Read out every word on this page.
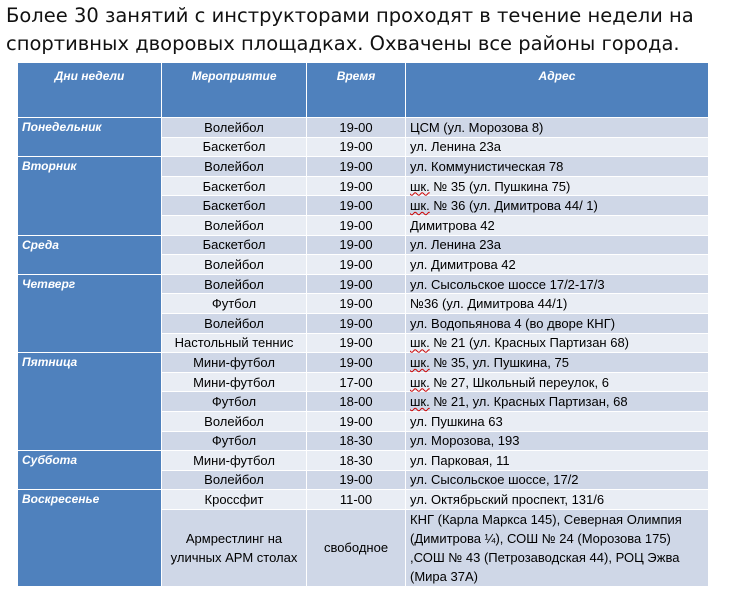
Более 30 занятий с инструкторами проходят в течение недели на спортивных дворовых площадках. Охвачены все районы города.
Дни недели	Мероприятие	Время	Адрес
Понедельник	Волейбол	19-00	ЦСМ (ул. Морозова 8)
	Баскетбол	19-00	ул. Ленина 23а
Вторник	Волейбол	19-00	ул. Коммунистическая 78
	Баскетбол	19-00	шк. № 35 (ул. Пушкина 75)
	Баскетбол	19-00	шк. № 36 (ул. Димитрова 44/ 1)
	Волейбол	19-00	Димитрова 42
Среда	Баскетбол	19-00	ул. Ленина 23а
	Волейбол	19-00	ул. Димитрова 42
Четверг	Волейбол	19-00	ул. Сысольское шоссе 17/2-17/3
	Футбол	19-00	№36 (ул. Димитрова 44/1)
	Волейбол	19-00	ул. Водопьянова 4 (во дворе КНГ)
	Настольный теннис	19-00	шк. № 21 (ул. Красных Партизан 68)
Пятница	Мини-футбол	19-00	шк. № 35, ул. Пушкина, 75
	Мини-футбол	17-00	шк. № 27, Школьный переулок, 6
	Футбол	18-00	шк. № 21, ул. Красных Партизан, 68
	Волейбол	19-00	ул. Пушкина 63
	Футбол	18-30	ул. Морозова, 193
Суббота	Мини-футбол	18-30	ул. Парковая, 11
	Волейбол	19-00	ул. Сысольское шоссе, 17/2
Воскресенье	Кроссфит	11-00	ул. Октябрьский проспект, 131/6
	Армрестлинг на уличных АРМ столах	свободное	КНГ (Карла Маркса 145), Северная Олимпия (Димитрова ¼), СОШ № 24 (Морозова 175) ,СОШ № 43 (Петрозаводская 44), РОЦ Эжва (Мира 37А)
